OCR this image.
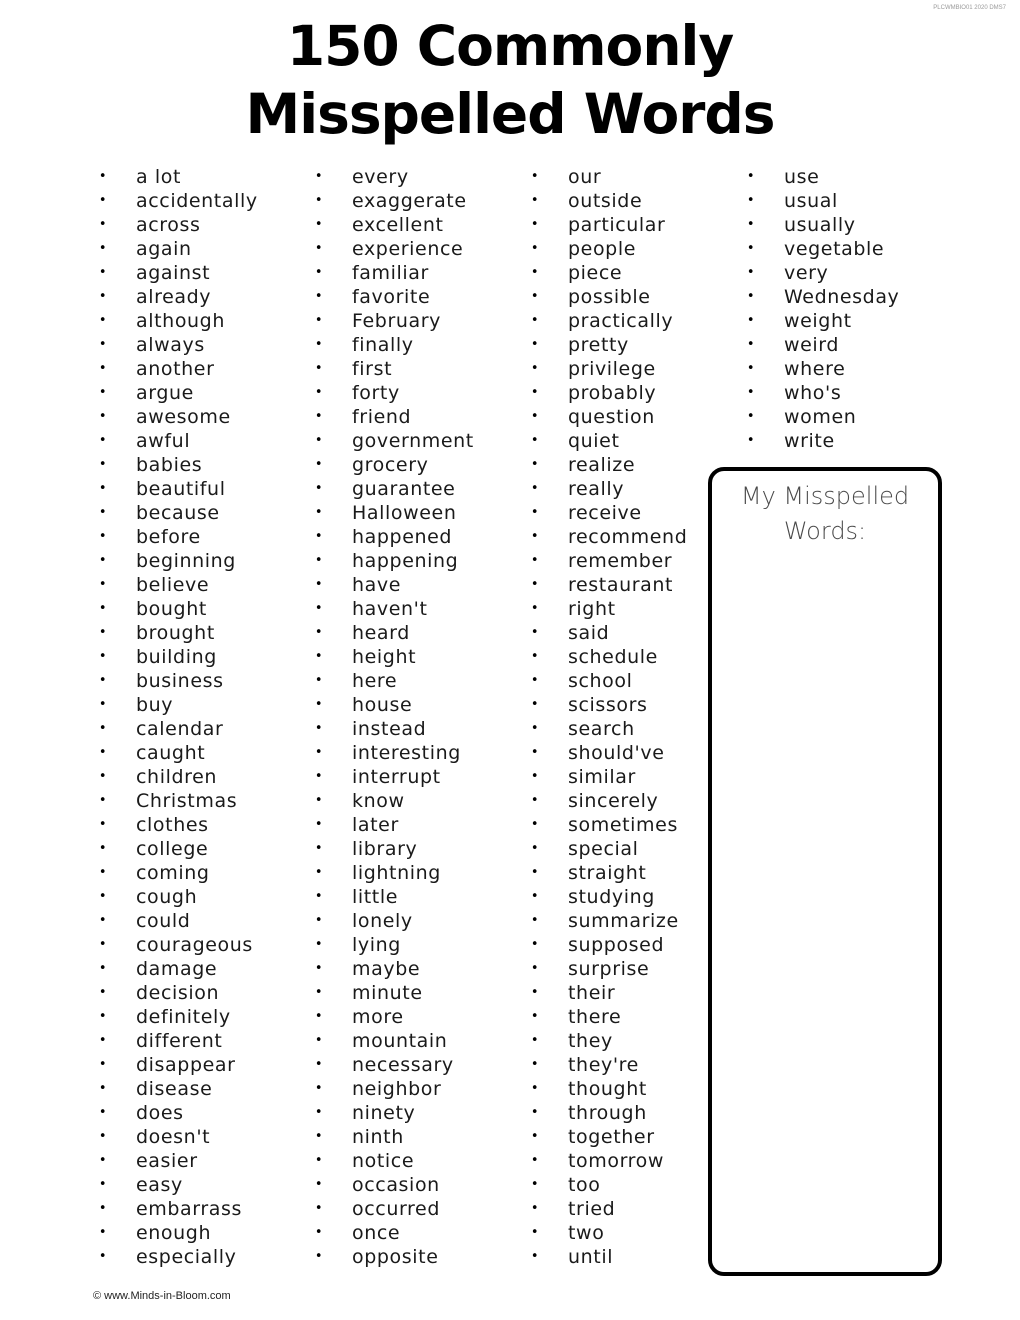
PLCWMBIO01 2020 DMS7
150 Commonly
Misspelled Words
• a lot
• accidentally
• across
• again
• against
• already
• although
• always
• another
• argue
• awesome
• awful
• babies
• beautiful
• because
• before
• beginning
• believe
• bought
• brought
• building
• business
• buy
• calendar
• caught
• children
• Christmas
• clothes
• college
• coming
• cough
• could
• courageous
• damage
• decision
• definitely
• different
• disappear
• disease
• does
• doesn't
• easier
• easy
• embarrass
• enough
• especially
• every
• exaggerate
• excellent
• experience
• familiar
• favorite
• February
• finally
• first
• forty
• friend
• government
• grocery
• guarantee
• Halloween
• happened
• happening
• have
• haven't
• heard
• height
• here
• house
• instead
• interesting
• interrupt
• know
• later
• library
• lightning
• little
• lonely
• lying
• maybe
• minute
• more
• mountain
• necessary
• neighbor
• ninety
• ninth
• notice
• occasion
• occurred
• once
• opposite
• our
• outside
• particular
• people
• piece
• possible
• practically
• pretty
• privilege
• probably
• question
• quiet
• realize
• really
• receive
• recommend
• remember
• restaurant
• right
• said
• schedule
• school
• scissors
• search
• should've
• similar
• sincerely
• sometimes
• special
• straight
• studying
• summarize
• supposed
• surprise
• their
• there
• they
• they're
• thought
• through
• together
• tomorrow
• too
• tried
• two
• until
• use
• usual
• usually
• vegetable
• very
• Wednesday
• weight
• weird
• where
• who's
• women
• write
My Misspelled
Words:
© www.Minds-in-Bloom.com
